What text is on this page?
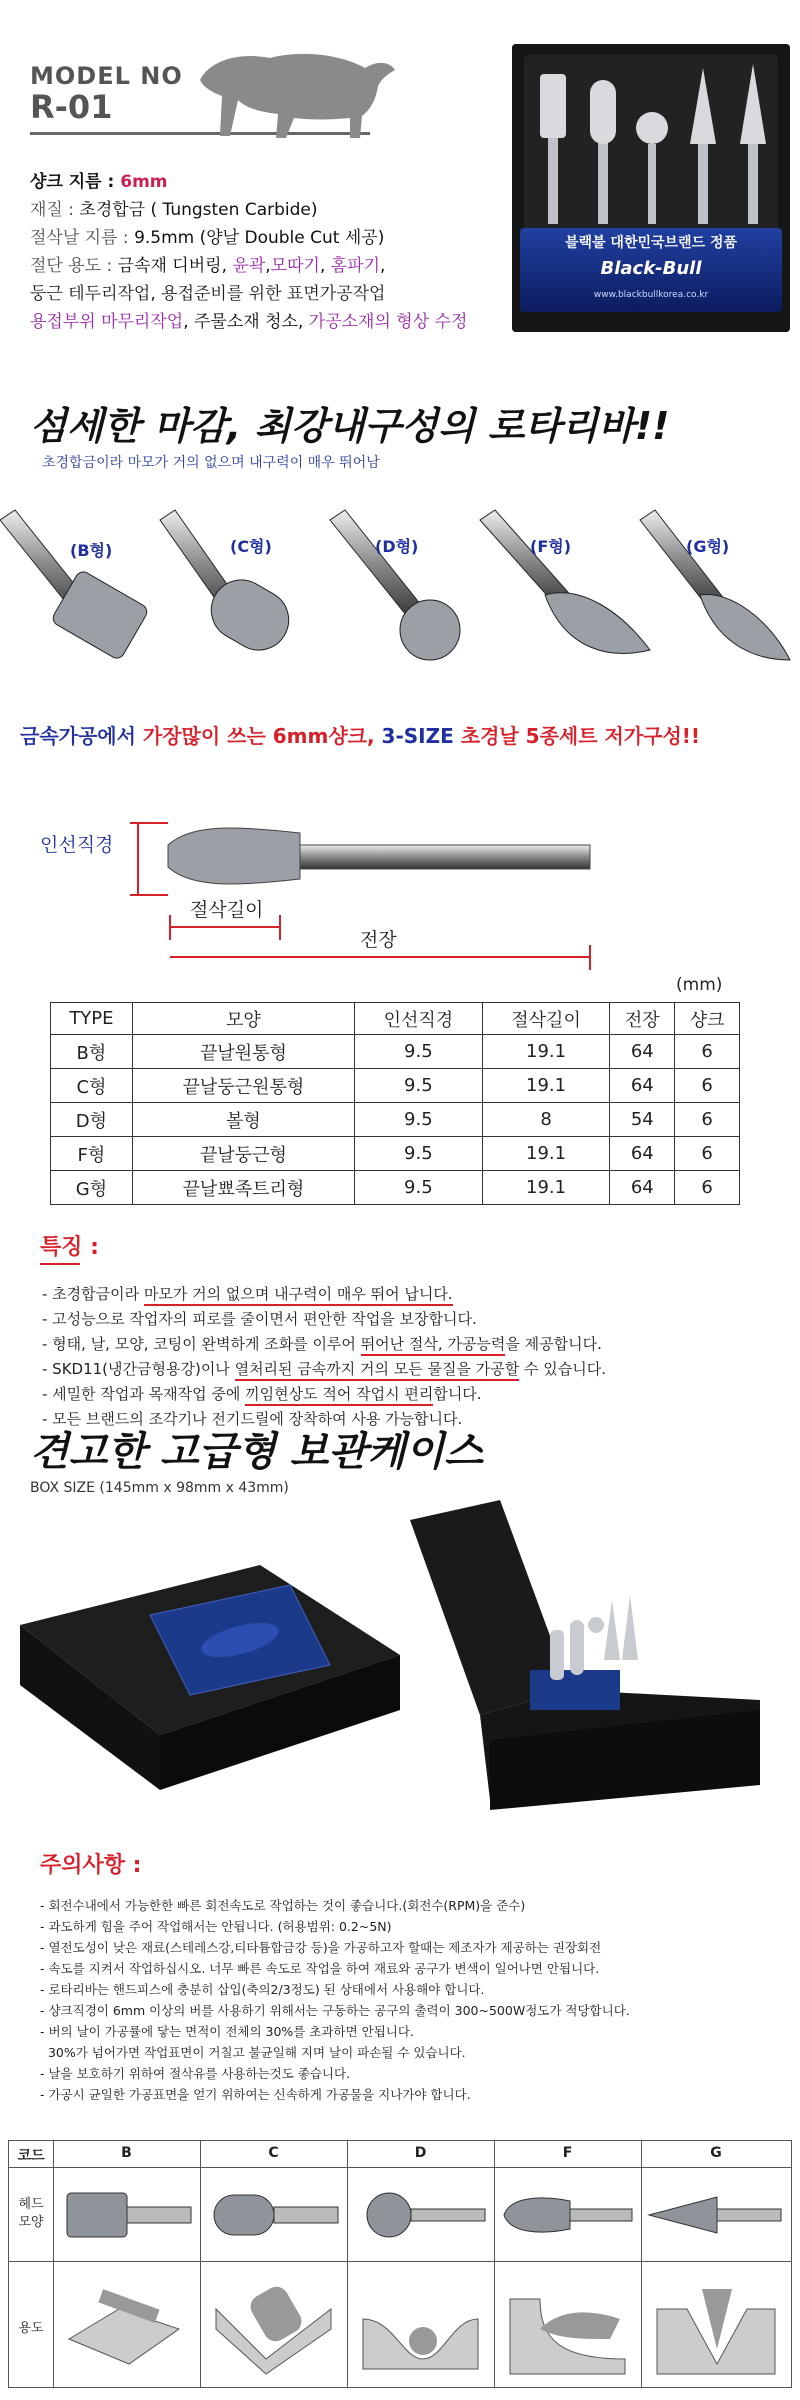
MODEL NO
R-01
샹크 지름 : 6mm
재질 : 초경합금 ( Tungsten Carbide)
절삭날 지름 : 9.5mm (양날 Double Cut 세공)
절단 용도 : 금속재 디버링, 윤곽,모따기, 홈파기,
둥근 테두리작업, 용접준비를 위한 표면가공작업
용접부위 마무리작업, 주물소재 청소, 가공소재의 형상 수정
블랙불 대한민국브랜드 정품
Black-Bull
www.blackbullkorea.co.kr
섬세한 마감, 최강내구성의 로타리바!!
초경합금이라 마모가 거의 없으며 내구력이 매우 뛰어남
(B형)	(C형)	(D형)	(F형)	(G형)
금속가공에서 가장많이 쓰는 6mm샹크, 3-SIZE 초경날 5종세트 저가구성!!
인선직경
절삭길이
전장
(mm)
TYPE	모양	인선직경	절삭길이	전장	샹크
B형	끝날원통형	9.5	19.1	64	6
C형	끝날둥근원통형	9.5	19.1	64	6
D형	볼형	9.5	8	54	6
F형	끝날둥근형	9.5	19.1	64	6
G형	끝날뾰족트리형	9.5	19.1	64	6
특징 :
- 초경합금이라 마모가 거의 없으며 내구력이 매우 뛰어 납니다.
- 고성능으로 작업자의 피로를 줄이면서 편안한 작업을 보장합니다.
- 형태, 날, 모양, 코팅이 완벽하게 조화를 이루어 뛰어난 절삭, 가공능력을 제공합니다.
- SKD11(냉간금형용강)이나 열처리된 금속까지 거의 모든 물질을 가공할 수 있습니다.
- 세밀한 작업과 목재작업 중에 끼임현상도 적어 작업시 편리합니다.
- 모든 브랜드의 조각기나 전기드릴에 장착하여 사용 가능합니다.
견고한 고급형 보관케이스
BOX SIZE (145mm x 98mm x 43mm)
주의사항 :
- 회전수내에서 가능한한 빠른 회전속도로 작업하는 것이 좋습니다.(회전수(RPM)을 준수)
- 과도하게 힘을 주어 작업해서는 안됩니다. (허용범위: 0.2~5N)
- 열전도성이 낮은 재료(스테레스강,티타튬합금강 등)을 가공하고자 할때는 제조자가 제공하는 권장회전
- 속도를 지켜서 작업하십시오. 너무 빠른 속도로 작업을 하여 재료와 공구가 변색이 일어나면 안됩니다.
- 로타리바는 핸드피스에 충분히 삽입(축의2/3정도) 된 상태에서 사용해야 합니다.
- 샹크직경이 6mm 이상의 버를 사용하기 위해서는 구동하는 공구의 출력이 300~500W정도가 적당합니다.
- 버의 날이 가공률에 닿는 면적이 전체의 30%를 초과하면 안됩니다.
30%가 넘어가면 작업표면이 거칠고 불균일해 지며 날이 파손될 수 있습니다.
- 날을 보호하기 위하여 절삭유를 사용하는것도 좋습니다.
- 가공시 균일한 가공표면을 얻기 위하여는 신속하게 가공물을 지나가야 합니다.
코드	B	C	D	F	G
헤드
모양
용도
